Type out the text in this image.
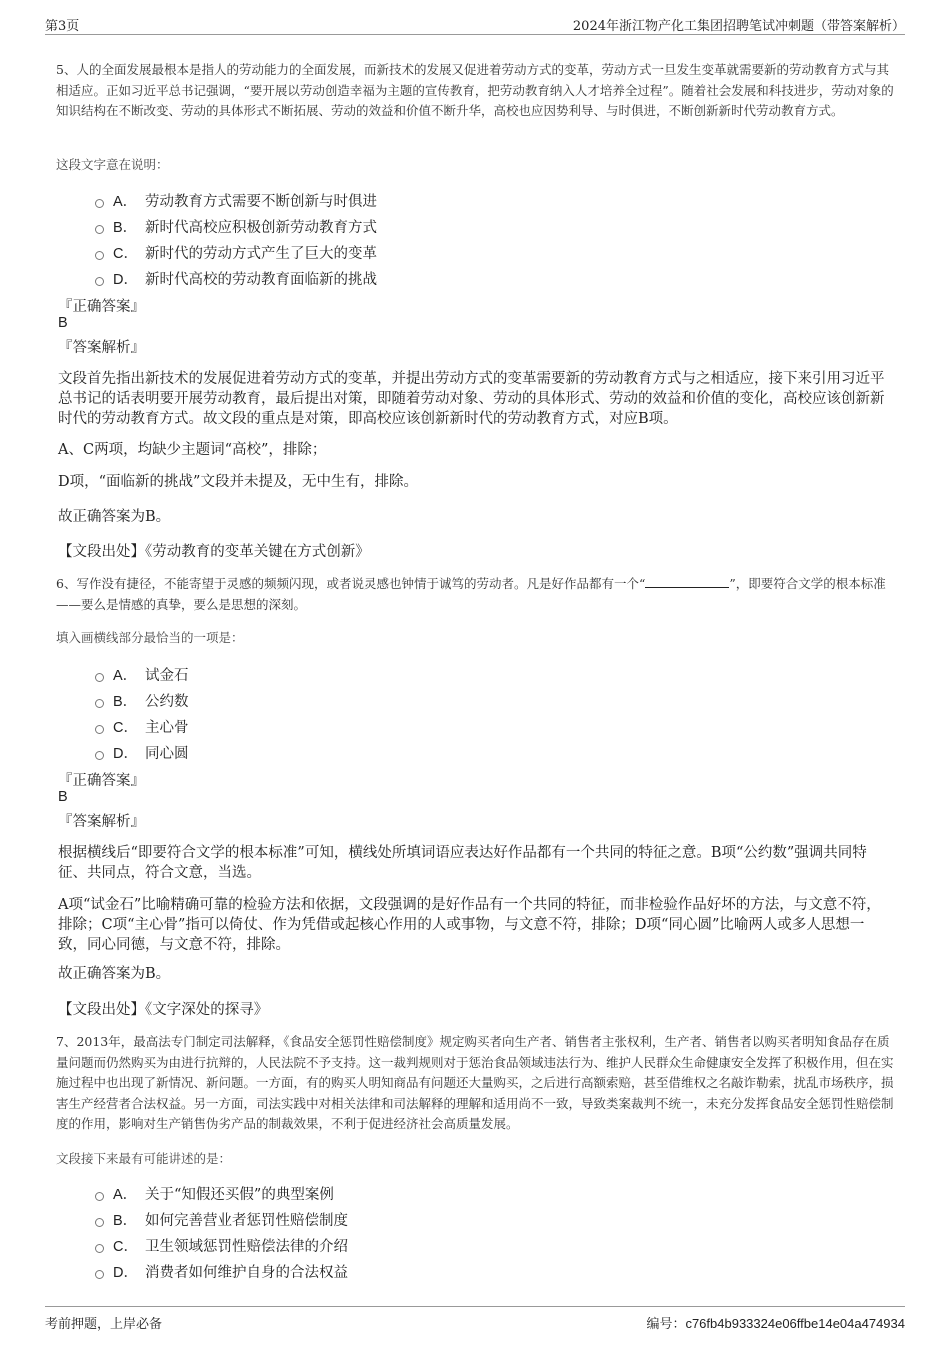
第3页	2024年浙江物产化工集团招聘笔试冲刺题（带答案解析）
5、人的全面发展最根本是指人的劳动能力的全面发展，而新技术的发展又促进着劳动方式的变革，劳动方式一旦发生变革就需要新的劳动教育方式与其相适应。正如习近平总书记强调，“要开展以劳动创造幸福为主题的宣传教育，把劳动教育纳入人才培养全过程”。随着社会发展和科技进步，劳动对象的知识结构在不断改变、劳动的具体形式不断拓展、劳动的效益和价值不断升华，高校也应因势利导、与时俱进，不断创新新时代劳动教育方式。
这段文字意在说明：
A． 劳动教育方式需要不断创新与时俱进
B． 新时代高校应积极创新劳动教育方式
C． 新时代的劳动方式产生了巨大的变革
D． 新时代高校的劳动教育面临新的挑战
『正确答案』
B
『答案解析』
文段首先指出新技术的发展促进着劳动方式的变革，并提出劳动方式的变革需要新的劳动教育方式与之相适应，接下来引用习近平总书记的话表明要开展劳动教育，最后提出对策，即随着劳动对象、劳动的具体形式、劳动的效益和价值的变化，高校应该创新新时代的劳动教育方式。故文段的重点是对策，即高校应该创新新时代的劳动教育方式，对应B项。
A、C两项，均缺少主题词“高校”，排除；
D项，“面临新的挑战”文段并未提及，无中生有，排除。
故正确答案为B。
【文段出处】《劳动教育的变革关键在方式创新》
6、写作没有捷径，不能寄望于灵感的频频闪现，或者说灵感也钟情于诚笃的劳动者。凡是好作品都有一个“	”，即要符合文学的根本标准——要么是情感的真挚，要么是思想的深刻。
填入画横线部分最恰当的一项是：
A． 试金石
B． 公约数
C． 主心骨
D． 同心圆
『正确答案』
B
『答案解析』
根据横线后“即要符合文学的根本标准”可知，横线处所填词语应表达好作品都有一个共同的特征之意。B项“公约数”强调共同特征、共同点，符合文意，当选。
A项“试金石”比喻精确可靠的检验方法和依据，文段强调的是好作品有一个共同的特征，而非检验作品好坏的方法，与文意不符，排除；C项“主心骨”指可以倚仗、作为凭借或起核心作用的人或事物，与文意不符，排除；D项“同心圆”比喻两人或多人思想一致，同心同德，与文意不符，排除。
故正确答案为B。
【文段出处】《文字深处的探寻》
7、2013年，最高法专门制定司法解释，《食品安全惩罚性赔偿制度》规定购买者向生产者、销售者主张权利，生产者、销售者以购买者明知食品存在质量问题而仍然购买为由进行抗辩的，人民法院不予支持。这一裁判规则对于惩治食品领域违法行为、维护人民群众生命健康安全发挥了积极作用，但在实施过程中也出现了新情况、新问题。一方面，有的购买人明知商品有问题还大量购买，之后进行高额索赔，甚至借维权之名敲诈勒索，扰乱市场秩序，损害生产经营者合法权益。另一方面，司法实践中对相关法律和司法解释的理解和适用尚不一致，导致类案裁判不统一，未充分发挥食品安全惩罚性赔偿制度的作用，影响对生产销售伪劣产品的制裁效果，不利于促进经济社会高质量发展。
文段接下来最有可能讲述的是：
A． 关于“知假还买假”的典型案例
B． 如何完善营业者惩罚性赔偿制度
C． 卫生领域惩罚性赔偿法律的介绍
D． 消费者如何维护自身的合法权益
考前押题，上岸必备	编号：c76fb4b933324e06ffbe14e04a474934
